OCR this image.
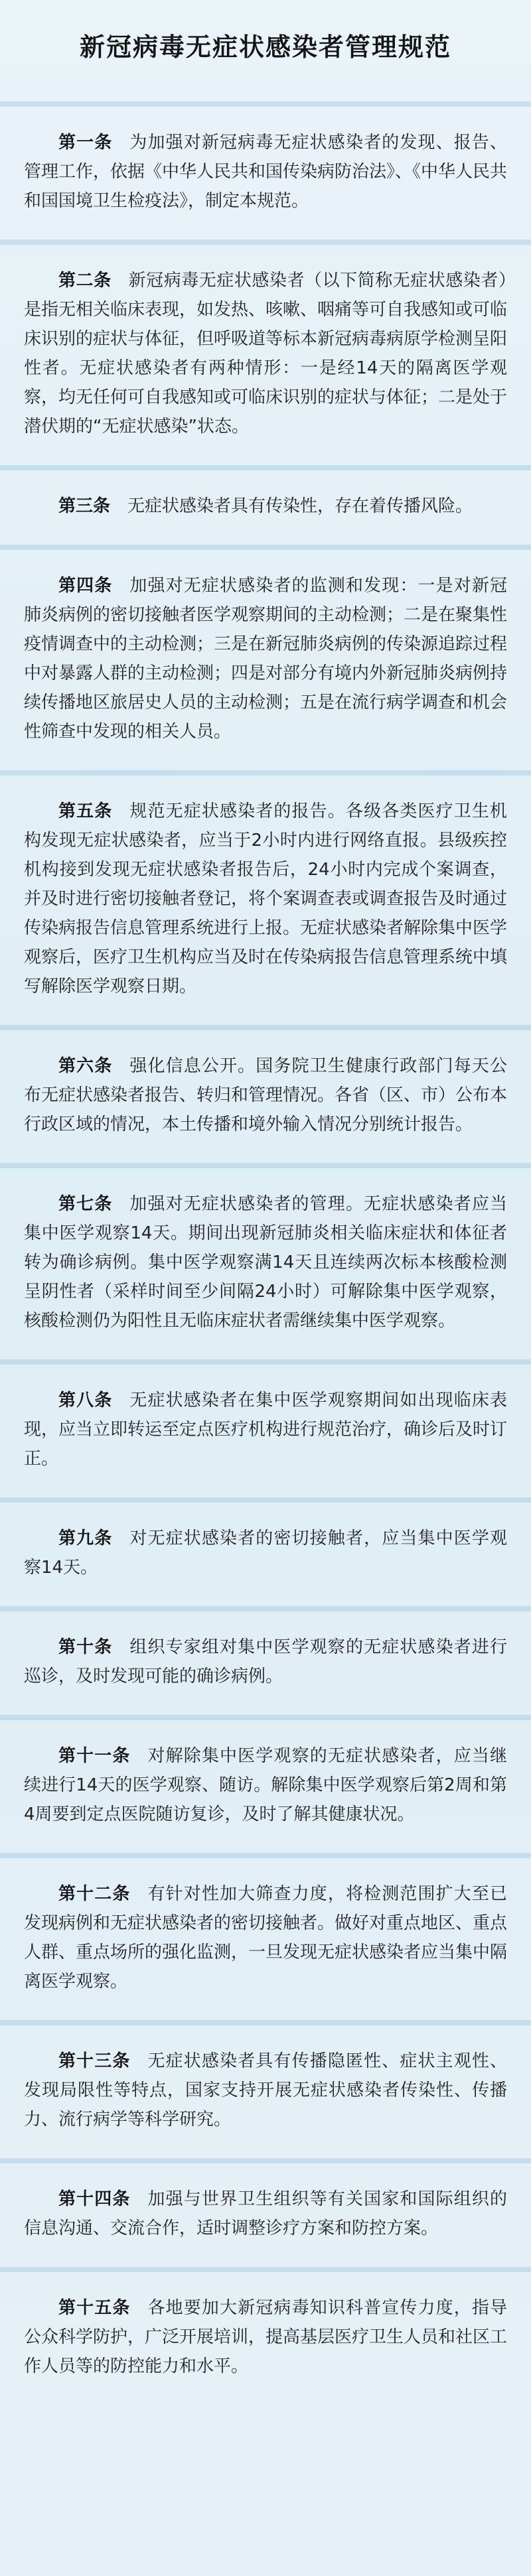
新冠病毒无症状感染者管理规范

第一条 为加强对新冠病毒无症状感染者的发现、报告、管理工作，依据《中华人民共和国传染病防治法》、《中华人民共和国国境卫生检疫法》，制定本规范。

第二条 新冠病毒无症状感染者（以下简称无症状感染者）是指无相关临床表现，如发热、咳嗽、咽痛等可自我感知或可临床识别的症状与体征，但呼吸道等标本新冠病毒病原学检测呈阳性者。无症状感染者有两种情形：一是经14天的隔离医学观察，均无任何可自我感知或可临床识别的症状与体征；二是处于潜伏期的“无症状感染”状态。

第三条 无症状感染者具有传染性，存在着传播风险。

第四条 加强对无症状感染者的监测和发现：一是对新冠肺炎病例的密切接触者医学观察期间的主动检测；二是在聚集性疫情调查中的主动检测；三是在新冠肺炎病例的传染源追踪过程中对暴露人群的主动检测；四是对部分有境内外新冠肺炎病例持续传播地区旅居史人员的主动检测；五是在流行病学调查和机会性筛查中发现的相关人员。

第五条 规范无症状感染者的报告。各级各类医疗卫生机构发现无症状感染者，应当于2小时内进行网络直报。县级疾控机构接到发现无症状感染者报告后，24小时内完成个案调查，并及时进行密切接触者登记，将个案调查表或调查报告及时通过传染病报告信息管理系统进行上报。无症状感染者解除集中医学观察后，医疗卫生机构应当及时在传染病报告信息管理系统中填写解除医学观察日期。

第六条 强化信息公开。国务院卫生健康行政部门每天公布无症状感染者报告、转归和管理情况。各省（区、市）公布本行政区域的情况，本土传播和境外输入情况分别统计报告。

第七条 加强对无症状感染者的管理。无症状感染者应当集中医学观察14天。期间出现新冠肺炎相关临床症状和体征者转为确诊病例。集中医学观察满14天且连续两次标本核酸检测呈阴性者（采样时间至少间隔24小时）可解除集中医学观察，核酸检测仍为阳性且无临床症状者需继续集中医学观察。

第八条 无症状感染者在集中医学观察期间如出现临床表现，应当立即转运至定点医疗机构进行规范治疗，确诊后及时订正。

第九条 对无症状感染者的密切接触者，应当集中医学观察14天。

第十条 组织专家组对集中医学观察的无症状感染者进行巡诊，及时发现可能的确诊病例。

第十一条 对解除集中医学观察的无症状感染者，应当继续进行14天的医学观察、随访。解除集中医学观察后第2周和第4周要到定点医院随访复诊，及时了解其健康状况。

第十二条 有针对性加大筛查力度，将检测范围扩大至已发现病例和无症状感染者的密切接触者。做好对重点地区、重点人群、重点场所的强化监测，一旦发现无症状感染者应当集中隔离医学观察。

第十三条 无症状感染者具有传播隐匿性、症状主观性、发现局限性等特点，国家支持开展无症状感染者传染性、传播力、流行病学等科学研究。

第十四条 加强与世界卫生组织等有关国家和国际组织的信息沟通、交流合作，适时调整诊疗方案和防控方案。

第十五条 各地要加大新冠病毒知识科普宣传力度，指导公众科学防护，广泛开展培训，提高基层医疗卫生人员和社区工作人员等的防控能力和水平。
